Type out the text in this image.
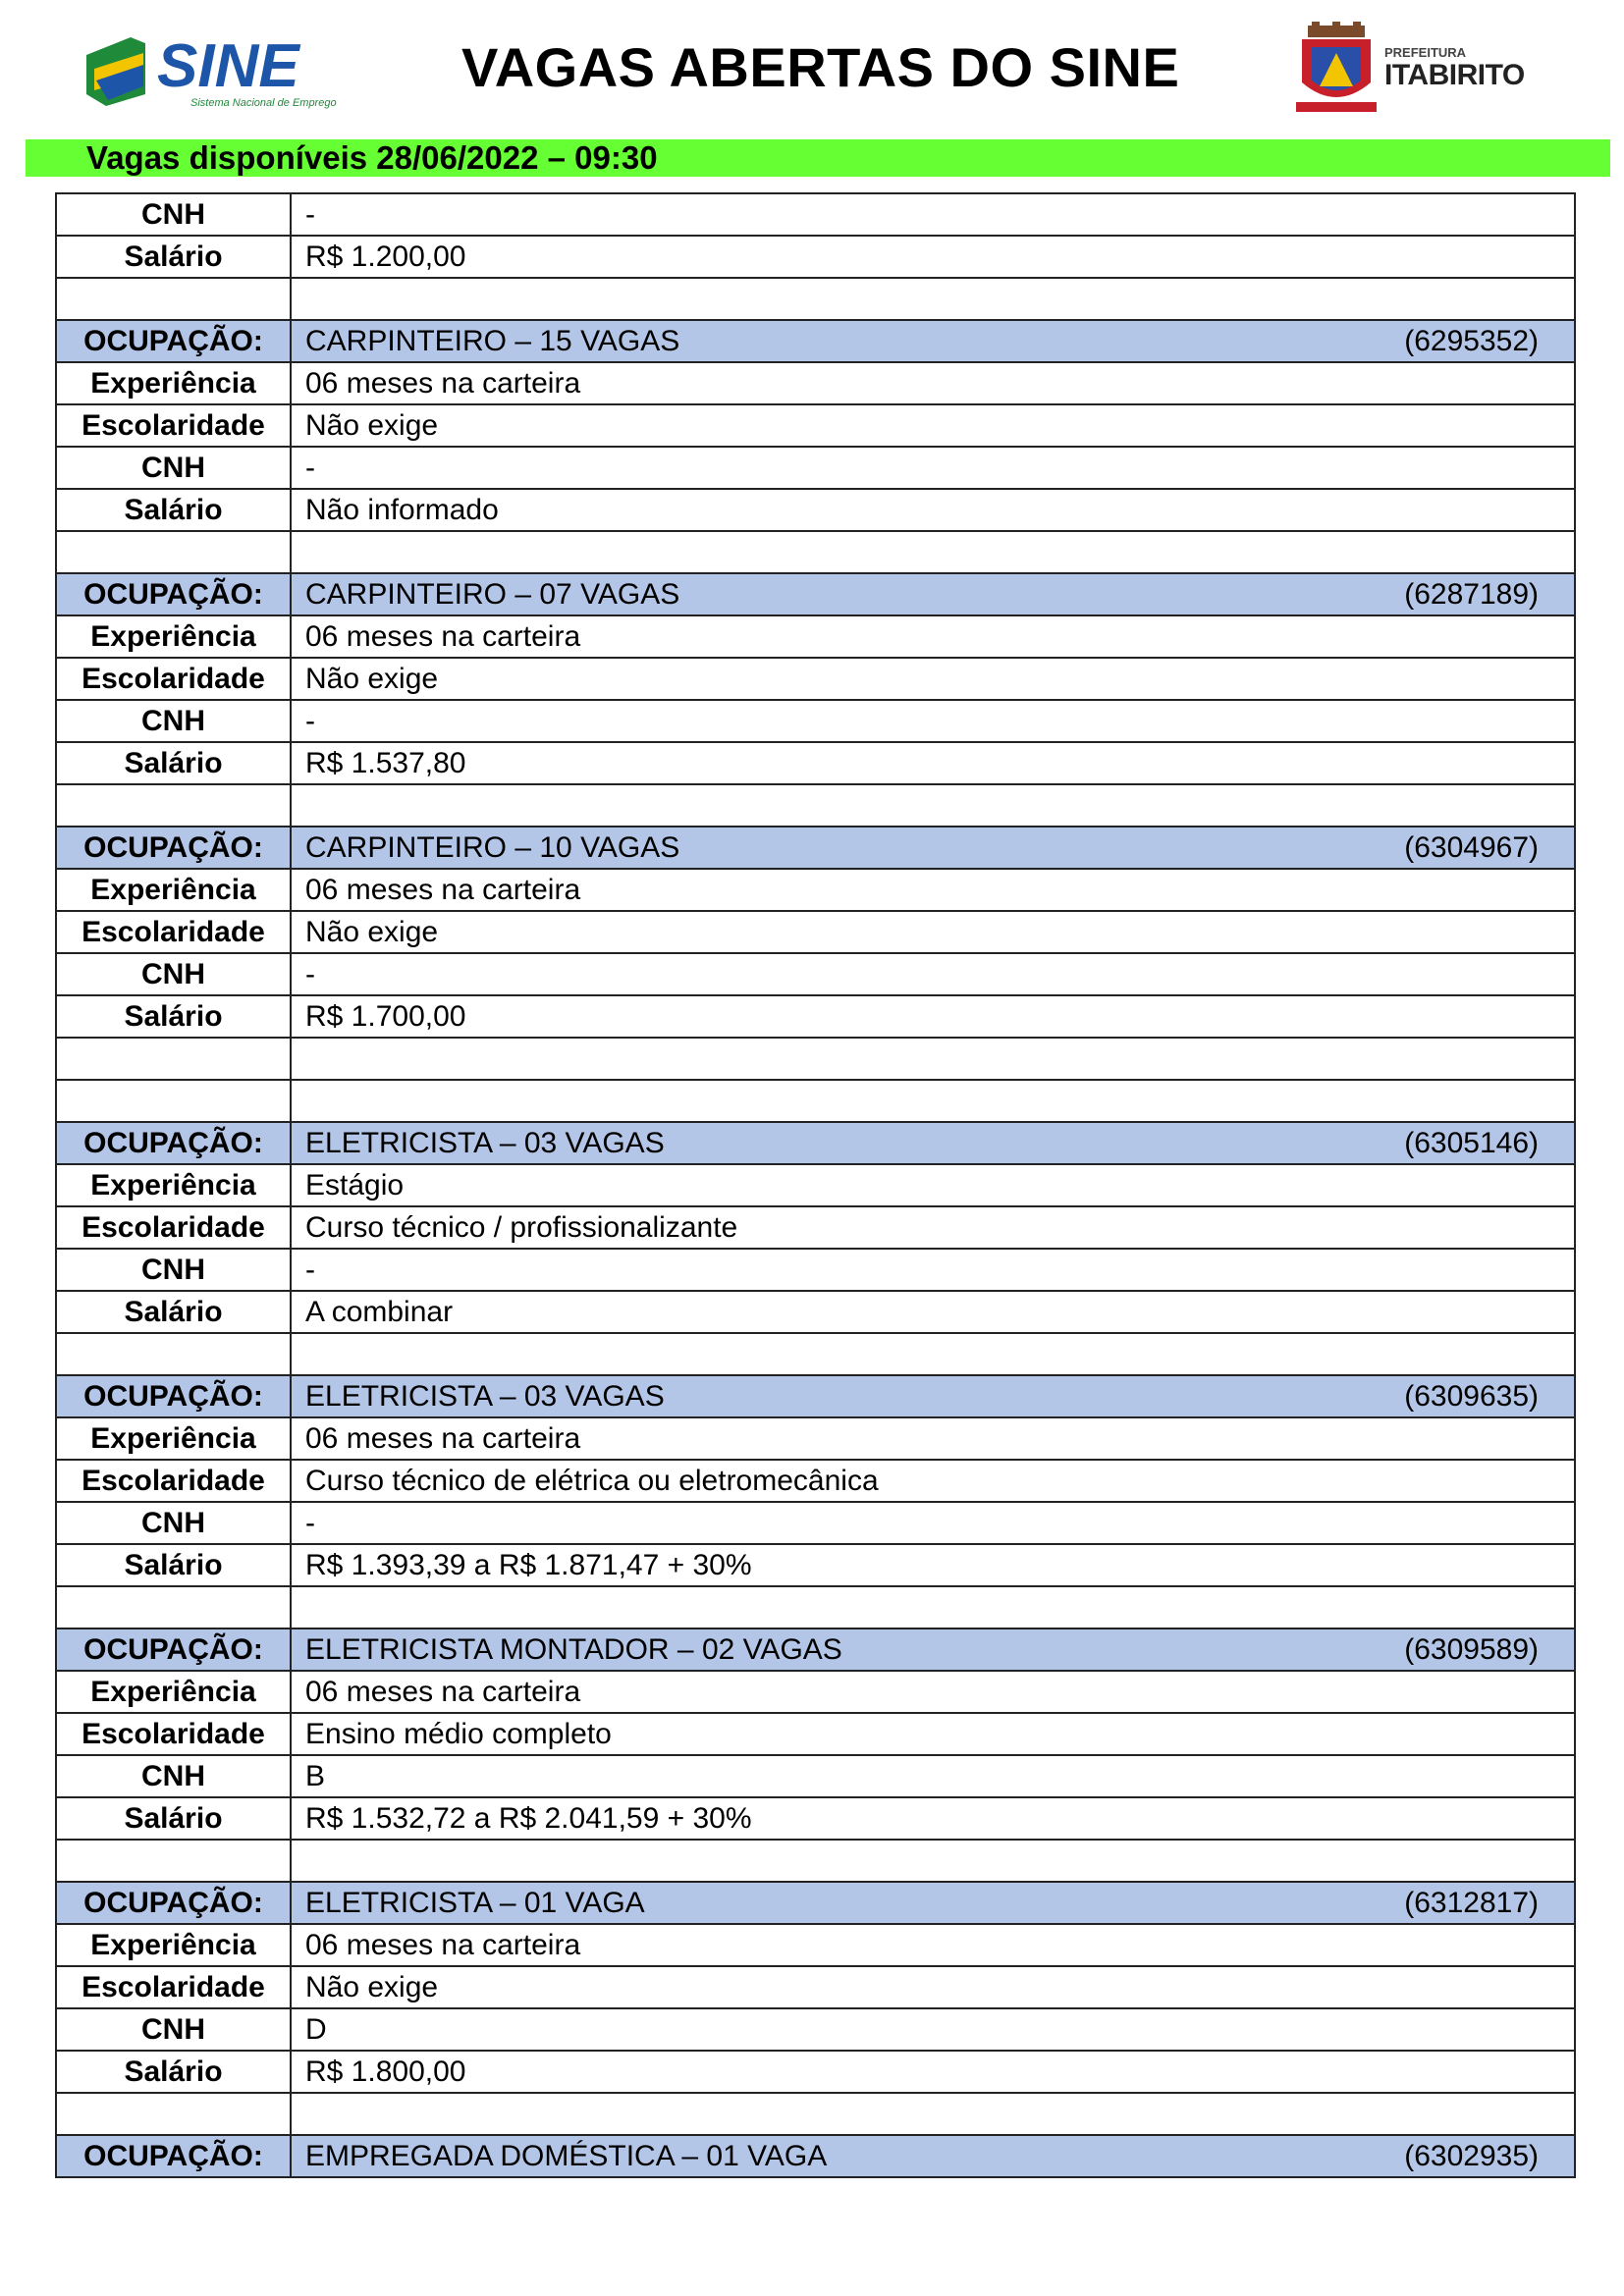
SINE
Sistema Nacional de Emprego
VAGAS ABERTAS DO SINE	PREFEITURA
ITABIRITO
Vagas disponíveis 28/06/2022 – 09:30
CNH	-
Salário	R$ 1.200,00

OCUPAÇÃO:	CARPINTEIRO – 15 VAGAS (6295352)

Experiência	06 meses na carteira
Escolaridade	Não exige
CNH	-
Salário	Não informado

OCUPAÇÃO:	CARPINTEIRO – 07 VAGAS (6287189)

Experiência	06 meses na carteira
Escolaridade	Não exige
CNH	-
Salário	R$ 1.537,80

OCUPAÇÃO:	CARPINTEIRO – 10 VAGAS (6304967)

Experiência	06 meses na carteira
Escolaridade	Não exige
CNH	-
Salário	R$ 1.700,00

OCUPAÇÃO:	ELETRICISTA – 03 VAGAS (6305146)

Experiência	Estágio
Escolaridade	Curso técnico / profissionalizante
CNH	-
Salário	A combinar

OCUPAÇÃO:	ELETRICISTA – 03 VAGAS (6309635)

Experiência	06 meses na carteira
Escolaridade	Curso técnico de elétrica ou eletromecânica
CNH	-
Salário	R$ 1.393,39 a R$ 1.871,47 + 30%

OCUPAÇÃO:	ELETRICISTA MONTADOR – 02 VAGAS (6309589)

Experiência	06 meses na carteira
Escolaridade	Ensino médio completo
CNH	B
Salário	R$ 1.532,72 a R$ 2.041,59 + 30%

OCUPAÇÃO:	ELETRICISTA – 01 VAGA (6312817)

Experiência	06 meses na carteira
Escolaridade	Não exige
CNH	D
Salário	R$ 1.800,00

OCUPAÇÃO:	EMPREGADA DOMÉSTICA – 01 VAGA (6302935)
